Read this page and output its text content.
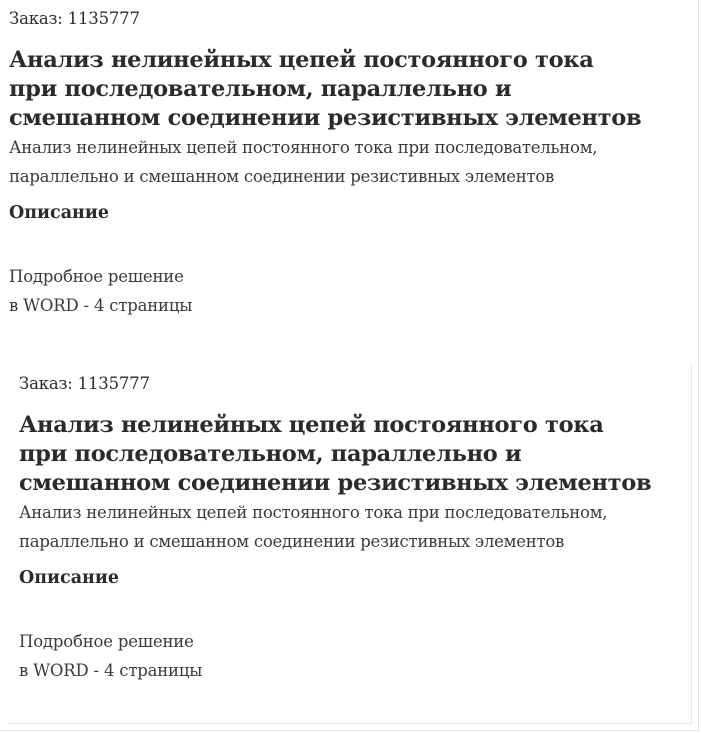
Заказ: 1135777

Анализ нелинейных цепей постоянного тока при последовательном, параллельно и смешанном соединении резистивных элементов

Анализ нелинейных цепей постоянного тока при последовательном, параллельно и смешанном соединении резистивных элементов

Описание
Подробное решение
в WORD - 4 страницы

Заказ: 1135777

Анализ нелинейных цепей постоянного тока при последовательном, параллельно и смешанном соединении резистивных элементов

Анализ нелинейных цепей постоянного тока при последовательном, параллельно и смешанном соединении резистивных элементов

Описание
Подробное решение
в WORD - 4 страницы
